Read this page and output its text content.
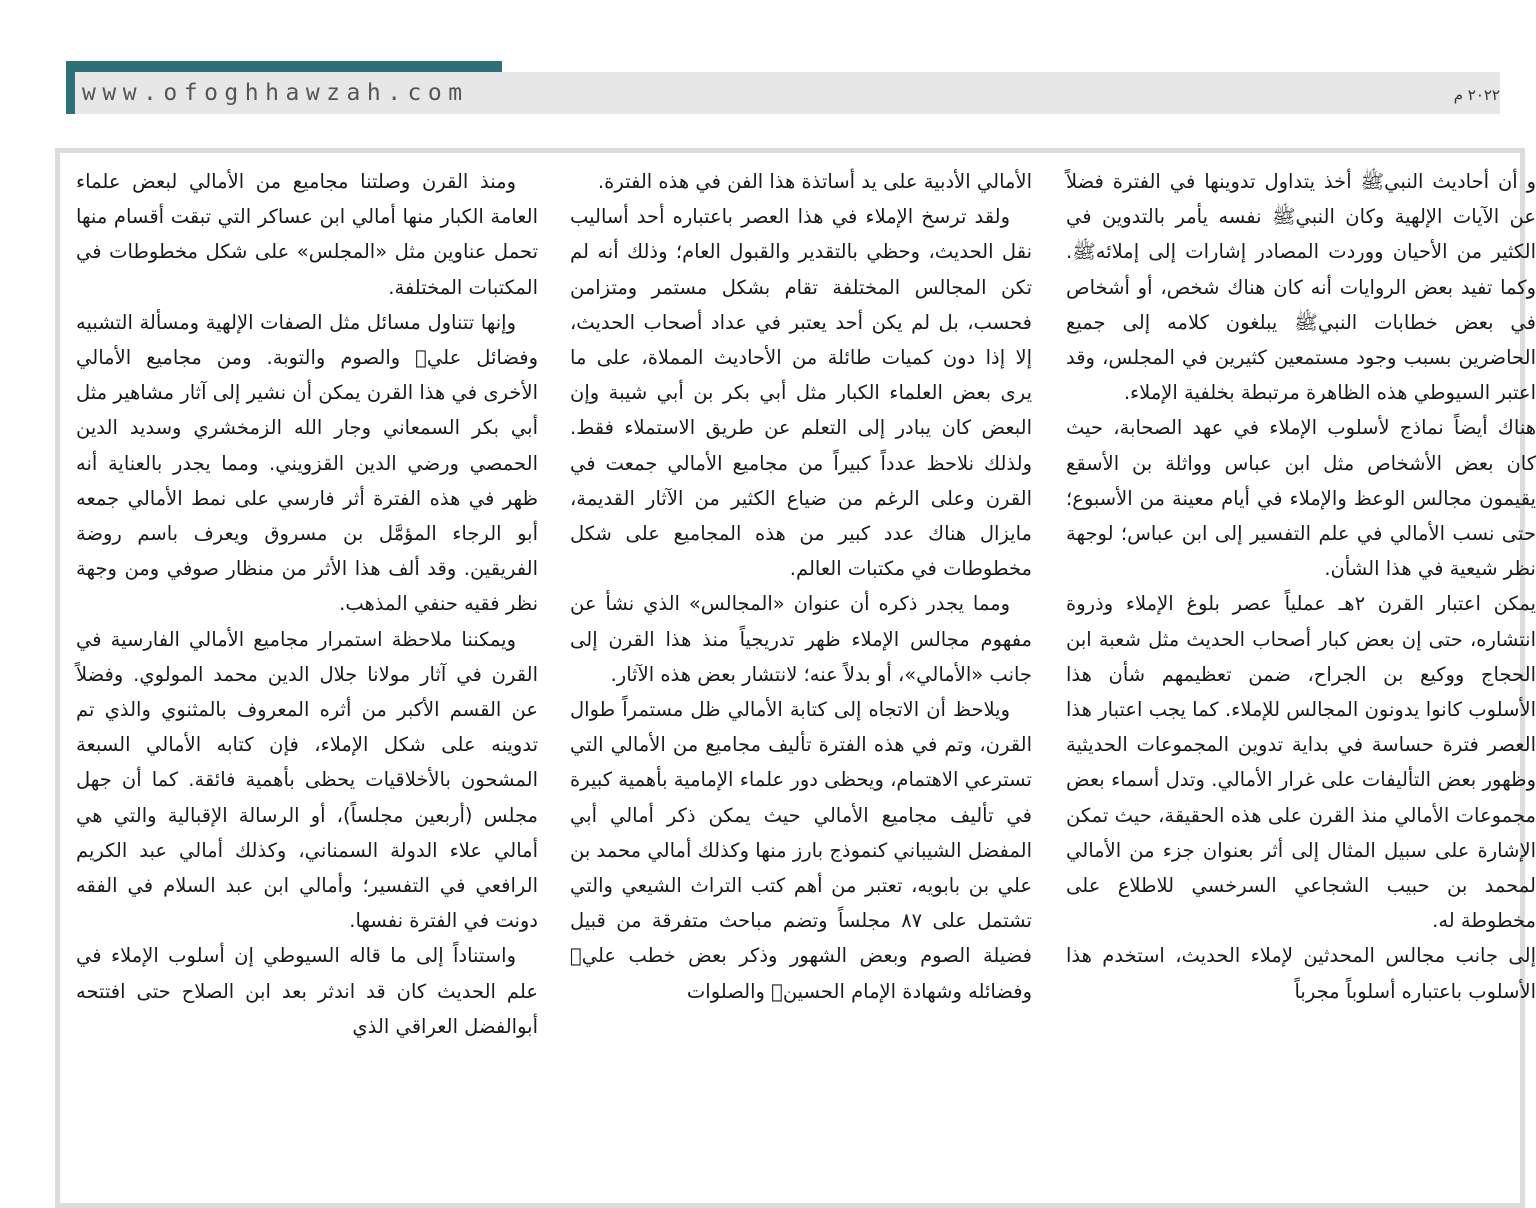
www.ofoghhawzah.com	۲۰۲۲ م

و أن أحاديث النبيﷺ أخذ يتداول تدوينها في الفترة فضلاً عن الآيات الإلهية وكان النبيﷺ نفسه يأمر بالتدوين في الكثير من الأحيان ووردت المصادر إشارات إلى إملائهﷺ. وكما تفيد بعض الروايات أنه كان هناك شخص، أو أشخاص في بعض خطابات النبيﷺ يبلغون كلامه إلى جميع الحاضرين بسبب وجود مستمعين كثيرين في المجلس، وقد اعتبر السيوطي هذه الظاهرة مرتبطة بخلفية الإملاء.

هناك أيضاً نماذج لأسلوب الإملاء في عهد الصحابة، حيث كان بعض الأشخاص مثل ابن عباس وواثلة بن الأسقع يقيمون مجالس الوعظ والإملاء في أيام معينة من الأسبوع؛ حتى نسب الأمالي في علم التفسير إلى ابن عباس؛ لوجهة نظر شيعية في هذا الشأن.

يمكن اعتبار القرن ٢هـ عملياً عصر بلوغ الإملاء وذروة انتشاره، حتى إن بعض كبار أصحاب الحديث مثل شعبة ابن الحجاج ووكيع بن الجراح، ضمن تعظيمهم شأن هذا الأسلوب كانوا يدونون المجالس للإملاء. كما يجب اعتبار هذا العصر فترة حساسة في بداية تدوين المجموعات الحديثية وظهور بعض التأليفات على غرار الأمالي. وتدل أسماء بعض مجموعات الأمالي منذ القرن على هذه الحقيقة، حيث تمكن الإشارة على سبيل المثال إلى أثر بعنوان جزء من الأمالي لمحمد بن حبيب الشجاعي السرخسي للاطلاع على مخطوطة له.

إلى جانب مجالس المحدثين لإملاء الحديث، استخدم هذا الأسلوب باعتباره أسلوباً مجرباً

الأمالي الأدبية على يد أساتذة هذا الفن في هذه الفترة.

ولقد ترسخ الإملاء في هذا العصر باعتباره أحد أساليب نقل الحديث، وحظي بالتقدير والقبول العام؛ وذلك أنه لم تكن المجالس المختلفة تقام بشكل مستمر ومتزامن فحسب، بل لم يكن أحد يعتبر في عداد أصحاب الحديث، إلا إذا دون كميات طائلة من الأحاديث المملاة، على ما يرى بعض العلماء الكبار مثل أبي بكر بن أبي شيبة وإن البعض كان يبادر إلى التعلم عن طريق الاستملاء فقط. ولذلك نلاحظ عدداً كبيراً من مجاميع الأمالي جمعت في القرن وعلى الرغم من ضياع الكثير من الآثار القديمة، مايزال هناك عدد كبير من هذه المجاميع على شكل مخطوطات في مكتبات العالم.

ومما يجدر ذكره أن عنوان «المجالس» الذي نشأ عن مفهوم مجالس الإملاء ظهر تدريجياً منذ هذا القرن إلى جانب «الأمالي»، أو بدلاً عنه؛ لانتشار بعض هذه الآثار.

ويلاحظ أن الاتجاه إلى كتابة الأمالي ظل مستمراً طوال القرن، وتم في هذه الفترة تأليف مجاميع من الأمالي التي تسترعي الاهتمام، ويحظى دور علماء الإمامية بأهمية كبيرة في تأليف مجاميع الأمالي حيث يمكن ذكر أمالي أبي المفضل الشيباني كنموذج بارز منها وكذلك أمالي محمد بن علي بن بابويه، تعتبر من أهم كتب التراث الشيعي والتي تشتمل على ٨٧ مجلساً وتضم مباحث متفرقة من قبيل فضيلة الصوم وبعض الشهور وذكر بعض خطب عليؑ وفضائله وشهادة الإمام الحسينؑ والصلوات

ومنذ القرن وصلتنا مجاميع من الأمالي لبعض علماء العامة الكبار منها أمالي ابن عساكر التي تبقت أقسام منها تحمل عناوين مثل «المجلس» على شكل مخطوطات في المكتبات المختلفة.

وإنها تتناول مسائل مثل الصفات الإلهية ومسألة التشبيه وفضائل عليؑ والصوم والتوبة. ومن مجاميع الأمالي الأخرى في هذا القرن يمكن أن نشير إلى آثار مشاهير مثل أبي بكر السمعاني وجار الله الزمخشري وسديد الدين الحمصي ورضي الدين القزويني. ومما يجدر بالعناية أنه ظهر في هذه الفترة أثر فارسي على نمط الأمالي جمعه أبو الرجاء المؤمَّل بن مسروق ويعرف باسم روضة الفريقين. وقد ألف هذا الأثر من منظار صوفي ومن وجهة نظر فقيه حنفي المذهب.

ويمكننا ملاحظة استمرار مجاميع الأمالي الفارسية في القرن في آثار مولانا جلال الدين محمد المولوي. وفضلاً عن القسم الأكبر من أثره المعروف بالمثنوي والذي تم تدوينه على شكل الإملاء، فإن كتابه الأمالي السبعة المشحون بالأخلاقيات يحظى بأهمية فائقة. كما أن جهل مجلس (أربعين مجلساً)، أو الرسالة الإقبالية والتي هي أمالي علاء الدولة السمناني، وكذلك أمالي عبد الكريم الرافعي في التفسير؛ وأمالي ابن عبد السلام في الفقه دونت في الفترة نفسها.

واستناداً إلى ما قاله السيوطي إن أسلوب الإملاء في علم الحديث كان قد اندثر بعد ابن الصلاح حتى افتتحه أبوالفضل العراقي الذي
